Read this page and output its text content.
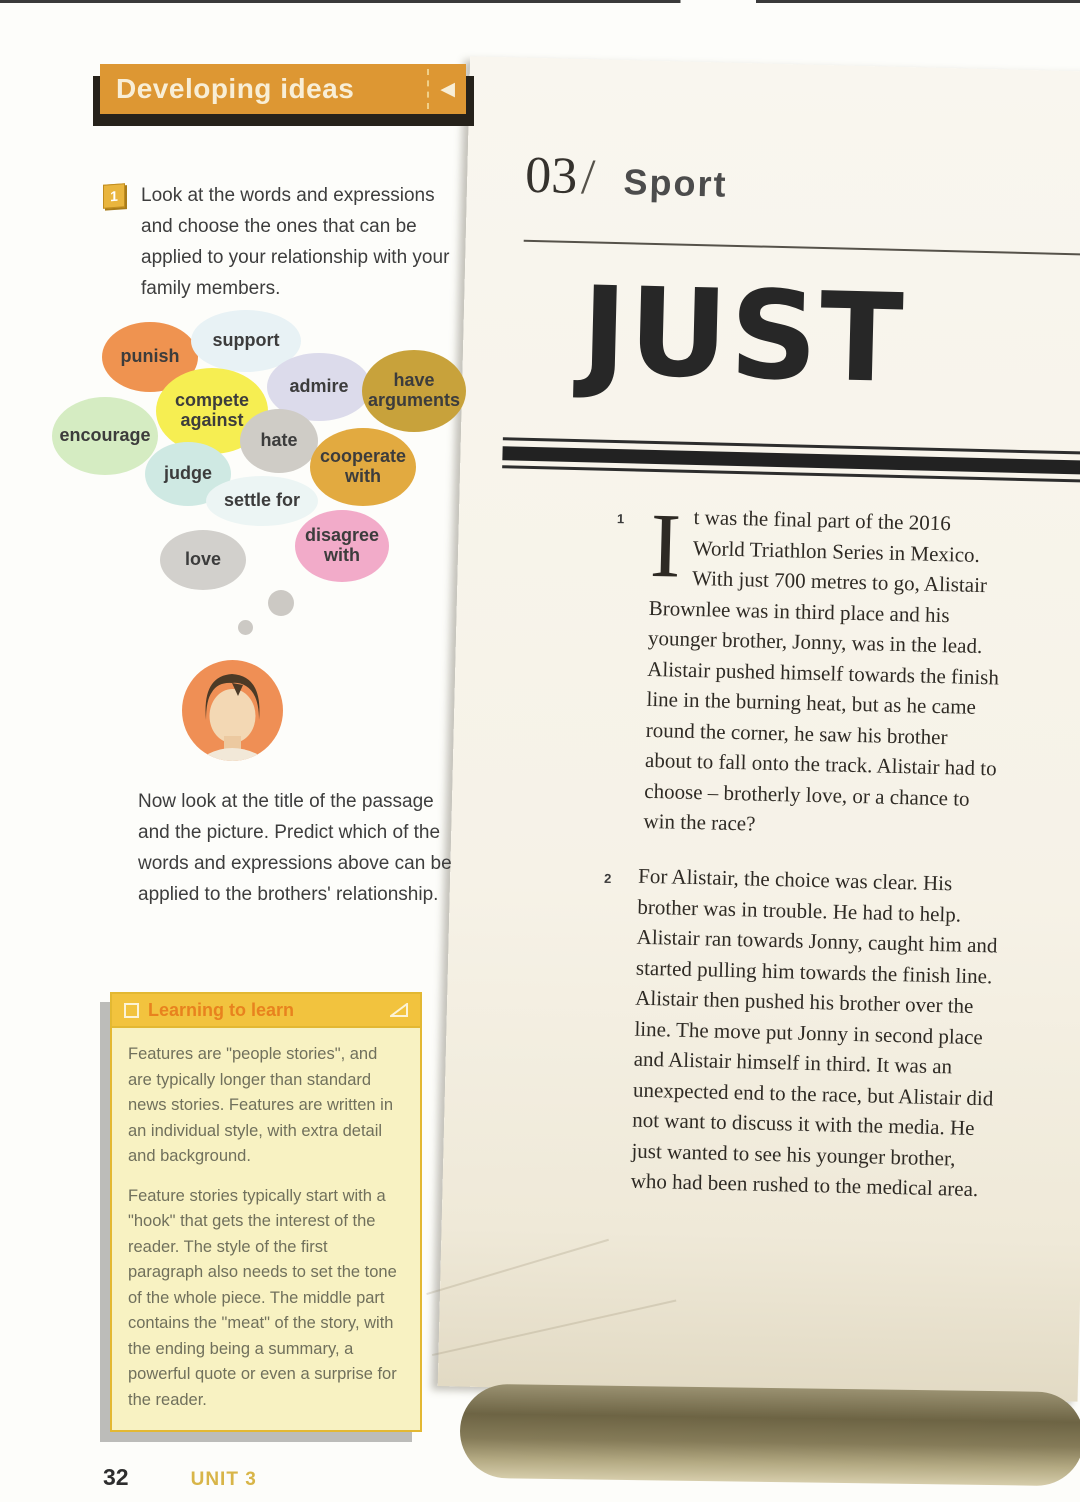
03/ Sport
JUST
1 I t was the final part of the 2016 World Triathlon Series in Mexico. With just 700 metres to go, Alistair Brownlee was in third place and his younger brother, Jonny, was in the lead. Alistair pushed himself towards the finish line in the burning heat, but as he came round the corner, he saw his brother about to fall onto the track. Alistair had to choose – brotherly love, or a chance to win the race?
2 For Alistair, the choice was clear. His brother was in trouble. He had to help. Alistair ran towards Jonny, caught him and started pulling him towards the finish line. Alistair then pushed his brother over the line. The move put Jonny in second place and Alistair himself in third. It was an unexpected end to the race, but Alistair did not want to discuss it with the media. He just wanted to see his younger brother, who had been rushed to the medical area.
Developing ideas	◀
1 Look at the words and expressions and choose the ones that can be applied to your relationship with your family members.
punish
support
admire	have arguments
compete against
encourage	hate
cooperate with
judge
settle for
disagree with
love
Now look at the title of the passage and the picture. Predict which of the words and expressions above can be applied to the brothers' relationship.
Learning to learn

Features are "people stories", and are typically longer than standard news stories. Features are written in an individual style, with extra detail and background.

Feature stories typically start with a "hook" that gets the interest of the reader. The style of the first paragraph also needs to set the tone of the whole piece. The middle part contains the "meat" of the story, with the ending being a summary, a powerful quote or even a surprise for the reader.

32	UNIT 3
